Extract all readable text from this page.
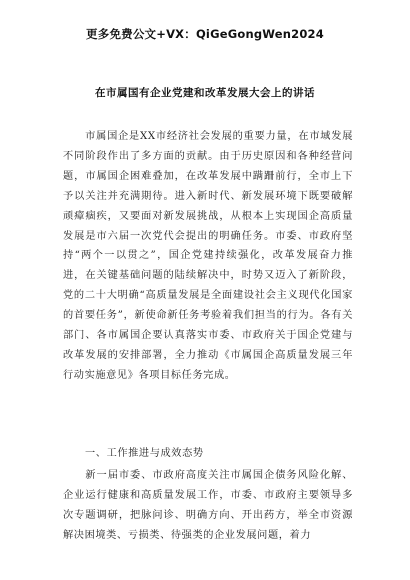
更多免费公文+VX：QiGeGongWen2024
在市属国有企业党建和改革发展大会上的讲话
市属国企是XX市经济社会发展的重要力量，在市域发展不同阶段作出了多方面的贡献。由于历史原因和各种经营问题，市属国企困难叠加，在改革发展中蹒跚前行，全市上下予以关注并充满期待。进入新时代、新发展环境下既要破解顽瘴痼疾，又要面对新发展挑战，从根本上实现国企高质量发展是市六届一次党代会提出的明确任务。市委、市政府坚持“两个一以贯之”，国企党建持续强化，改革发展奋力推进，在关键基础问题的陆续解决中，时势又迈入了新阶段，党的二十大明确“高质量发展是全面建设社会主义现代化国家的首要任务”，新使命新任务考验着我们担当的行为。各有关部门、各市属国企要认真落实市委、市政府关于国企党建与改革发展的安排部署，全力推动《市属国企高质量发展三年行动实施意见》各项目标任务完成。
一、工作推进与成效态势
新一届市委、市政府高度关注市属国企债务风险化解、企业运行健康和高质量发展工作，市委、市政府主要领导多次专题调研，把脉问诊、明确方向、开出药方，举全市资源解决困境类、亏损类、待强类的企业发展问题，着力
